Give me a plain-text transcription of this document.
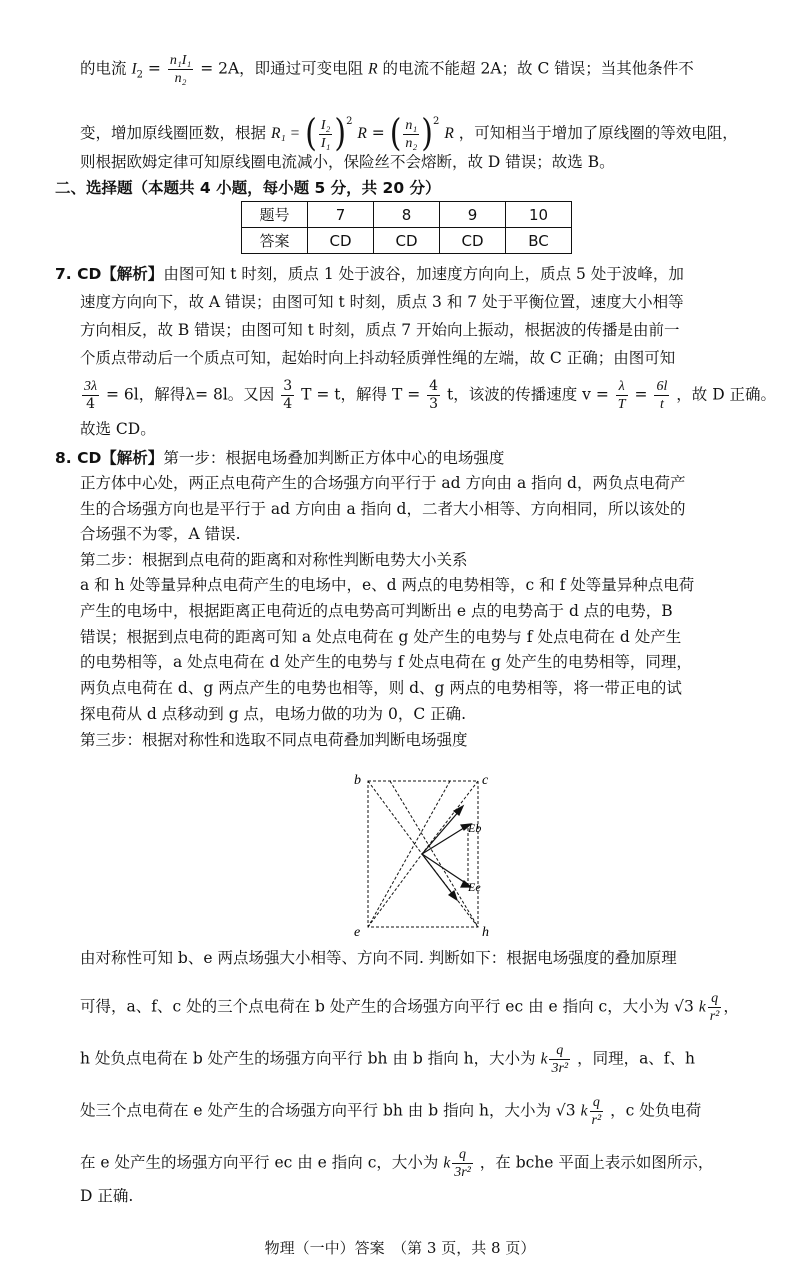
的电流 $I_2 = \frac{\text{n₁I₁}}{\text{n₂}} = 2A$，即通过可变电阻 R 的电流不能超 2A；故 C 错误；当其他条件不
变，增加原线圈匝数，根据 R₁ = ( $\frac{\text{I₂}}{\text{I₁}} )^2$ R = ( $\frac{\text{n₁}}{\text{n₂}} )^2$ R ，可知相当于增加了原线圈的等效电阻，
则根据欧姆定律可知原线圈电流减小，保险丝不会熔断，故 D 错误；故选 B。
二、选择题（本题共 4 小题，每小题 5 分，共 20 分）
题号	7	8	9	10
答案	CD	CD	CD	BC
7. CD【解析】由图可知 t 时刻，质点 1 处于波谷，加速度方向向上，质点 5 处于波峰，加
速度方向向下，故 A 错误；由图可知 t 时刻，质点 3 和 7 处于平衡位置，速度大小相等
方向相反，故 B 错误；由图可知 t 时刻，质点 7 开始向上振动，根据波的传播是由前一
个质点带动后一个质点可知，起始时向上抖动轻质弹性绳的左端，故 C 正确；由图可知
$\frac{3\lambda}{4} = 6l$，解得λ= 8l。又因 $\frac{3}{4}$ T = t，解得 $T = \frac{4}{3}$ t，该波的传播速度 $v = \frac{\lambda}{T} = \frac{6l}{t}$ ，故 D 正确。
故选 CD。
8. CD【解析】第一步：根据电场叠加判断正方体中心的电场强度
正方体中心处，两正点电荷产生的合场强方向平行于 ad 方向由 a 指向 d，两负点电荷产
生的合场强方向也是平行于 ad 方向由 a 指向 d，二者大小相等、方向相同，所以该处的
合场强不为零，A 错误.
第二步：根据到点电荷的距离和对称性判断电势大小关系
a 和 h 处等量异种点电荷产生的电场中，e、d 两点的电势相等，c 和 f 处等量异种点电荷
产生的电场中，根据距离正电荷近的点电势高可判断出 e 点的电势高于 d 点的电势，B
错误；根据到点电荷的距离可知 a 处点电荷在 g 处产生的电势与 f 处点电荷在 d 处产生
的电势相等，a 处点电荷在 d 处产生的电势与 f 处点电荷在 g 处产生的电势相等，同理，
两负点电荷在 d、g 两点产生的电势也相等，则 d、g 两点的电势相等，将一带正电的试
探电荷从 d 点移动到 g 点，电场力做的功为 0，C 正确.
第三步：根据对称性和选取不同点电荷叠加判断电场强度
b	c
e	h
Eb
Ee
由对称性可知 b、e 两点场强大小相等、方向不同. 判断如下：根据电场强度的叠加原理
可得，a、f、c 处的三个点电荷在 b 处产生的合场强方向平行 ec 由 e 指向 c，大小为 √3 k $\frac{q}{\text{r²}}$ ，
h 处负点电荷在 b 处产生的场强方向平行 bh 由 b 指向 h，大小为 k $\frac{q}{\text{3r²}}$ ，同理，a、f、h
处三个点电荷在 e 处产生的合场强方向平行 bh 由 b 指向 h，大小为 √3 k $\frac{q}{\text{r²}}$ ，c 处负电荷
在 e 处产生的场强方向平行 ec 由 e 指向 c，大小为 k $\frac{q}{\text{3r²}}$ ，在 bche 平面上表示如图所示，
D 正确.
物理（一中）答案　（第 3 页，共 8 页）
